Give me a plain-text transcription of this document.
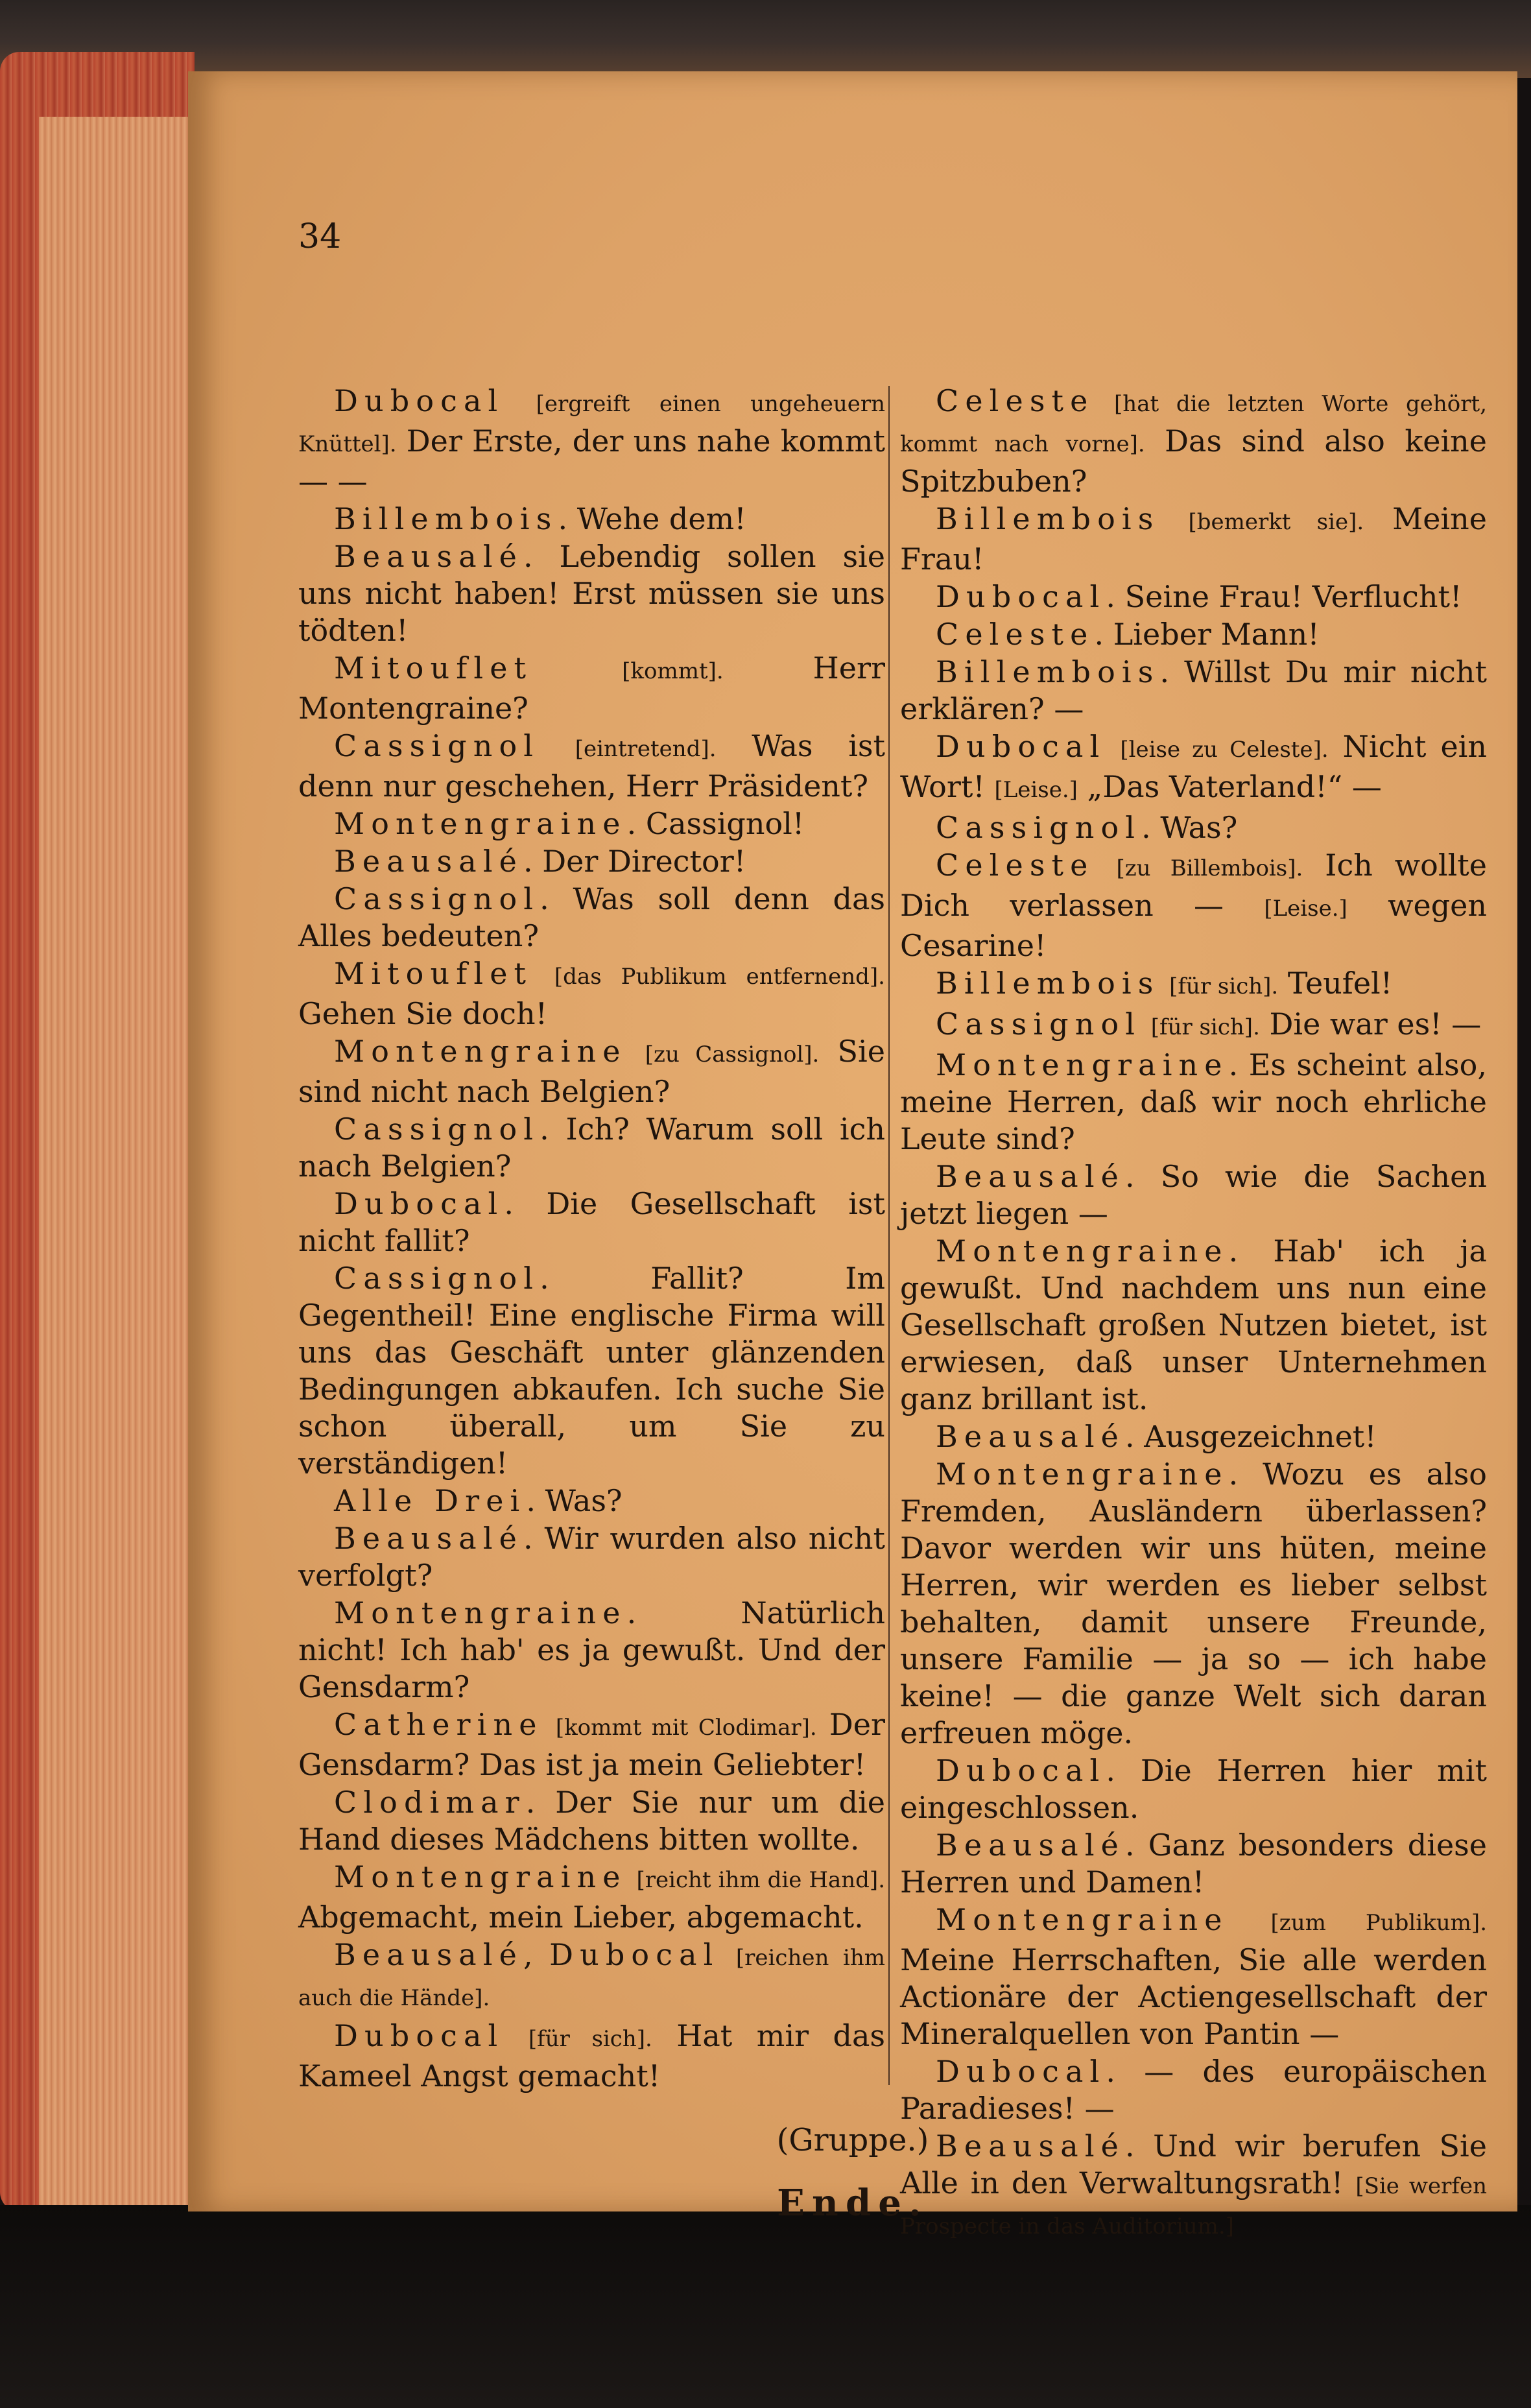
34

Dubocal [ergreift einen ungeheuern Knüttel]. Der Erste, der uns nahe kommt — —

Billembois. Wehe dem!

Beausalé. Lebendig sollen sie uns nicht haben! Erst müssen sie uns tödten!

Mitouflet	[kommt]. Herr Montengraine?

Cassignol [eintretend]. Was ist denn nur geschehen, Herr Präsident?

Montengraine. Cassignol!

Beausalé. Der Director!

Cassignol. Was soll denn das Alles bedeuten?

Mitouflet [das Publikum entfernend]. Gehen Sie doch!

Montengraine [zu Cassignol]. Sie sind nicht nach Belgien?

Cassignol. Ich? Warum soll ich nach Belgien?

Dubocal. Die Gesellschaft ist nicht fallit?

Cassignol. Fallit? Im Gegentheil! Eine englische Firma will uns das Geschäft unter glänzenden Bedingungen abkaufen. Ich suche Sie schon überall, um Sie zu verständigen!

Alle Drei. Was?

Beausalé. Wir wurden also nicht verfolgt?

Montengraine. Natürlich nicht! Ich hab' es ja gewußt. Und der Gensdarm?

Catherine [kommt mit Clodimar]. Der Gensdarm? Das ist ja mein Geliebter!

Clodimar. Der Sie nur um die Hand dieses Mädchens bitten wollte.

Montengraine [reicht ihm die Hand]. Abgemacht, mein Lieber, abgemacht.

Beausalé, Dubocal [reichen ihm auch die Hände].

Dubocal [für sich]. Hat mir das Kameel Angst gemacht!

Celeste [hat die letzten Worte gehört, kommt nach vorne]. Das sind also keine Spitzbuben?

Billembois [bemerkt sie]. Meine Frau!

Dubocal. Seine Frau! Verflucht!

Celeste. Lieber Mann!

Billembois. Willst Du mir nicht erklären? —

Dubocal [leise zu Celeste]. Nicht ein Wort! [Leise.] „Das Vaterland!“ —

Cassignol. Was?

Celeste [zu Billembois]. Ich wollte Dich verlassen — [Leise.] wegen Cesarine!

Billembois [für sich]. Teufel!

Cassignol [für sich]. Die war es! —

Montengraine. Es scheint also, meine Herren, daß wir noch ehrliche Leute sind?

Beausalé. So wie die Sachen jetzt liegen —

Montengraine. Hab' ich ja gewußt. Und nachdem uns nun eine Gesellschaft großen Nutzen bietet, ist erwiesen, daß unser Unternehmen ganz brillant ist.

Beausalé. Ausgezeichnet!

Montengraine. Wozu es also Fremden, Ausländern überlassen? Davor werden wir uns hüten, meine Herren, wir werden es lieber selbst behalten, damit unsere Freunde, unsere Familie — ja so — ich habe keine! — die ganze Welt sich daran erfreuen möge.

Dubocal. Die Herren hier mit eingeschlossen.

Beausalé. Ganz besonders diese Herren und Damen!

Montengraine [zum Publikum]. Meine Herrschaften, Sie alle werden Actionäre der Actiengesellschaft der Mineralquellen von Pantin —

Dubocal. — des europäischen Paradieses! —

Beausalé. Und wir berufen Sie Alle in den Verwaltungsrath! [Sie werfen Prospecte in das Auditorium.]

(Gruppe.)
Ende.
